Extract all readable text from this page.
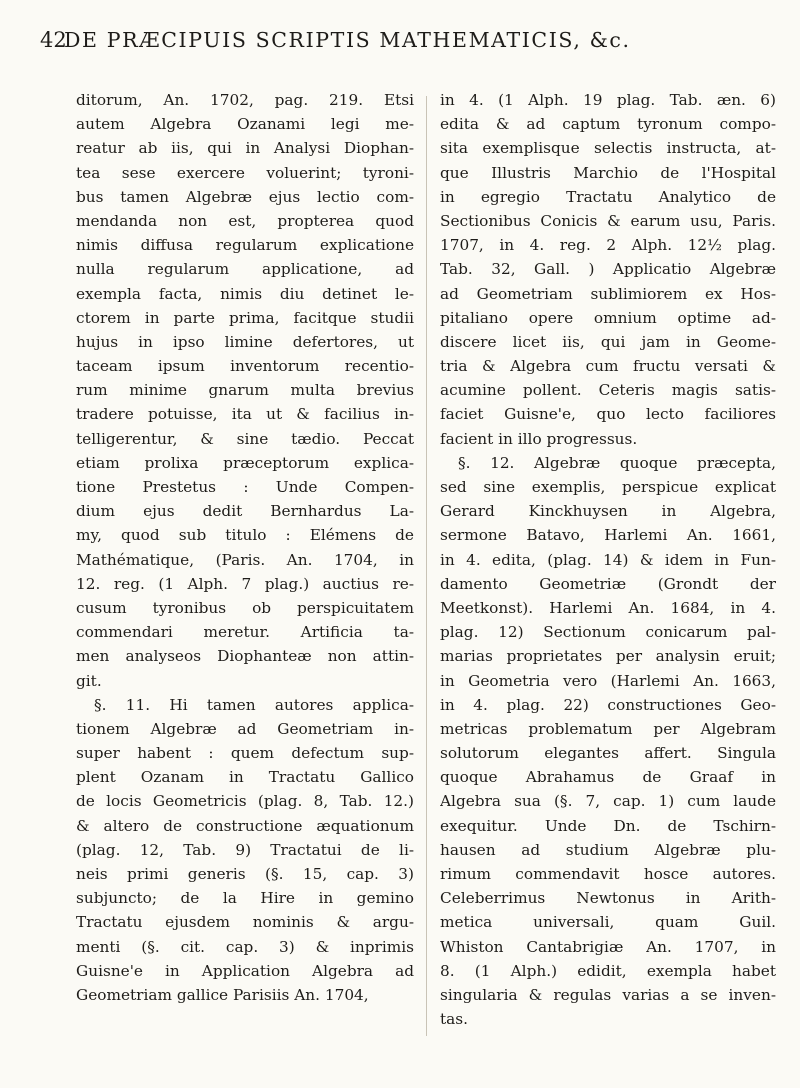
42
DE PRÆCIPUIS SCRIPTIS MATHEMATICIS, &c.
ditorum, An. 1702, pag. 219. Etsi
autem Algebra Ozanami legi me-
reatur ab iis, qui in Analysi Diophan-
tea sese exercere voluerint; tyroni-
bus tamen Algebræ ejus lectio com-
mendanda non est, propterea quod
nimis diffusa regularum explicatione
nulla regularum applicatione, ad
exempla facta, nimis diu detinet le-
ctorem in parte prima, facitque studii
hujus in ipso limine defertores, ut
taceam ipsum inventorum recentio-
rum minime gnarum multa brevius
tradere potuisse, ita ut & facilius in-
telligerentur, & sine tædio. Peccat
etiam prolixa præceptorum explica-
tione Prestetus : Unde Compen-
dium ejus dedit Bernhardus La-
my, quod sub titulo : Elémens de
Mathématique, (Paris. An. 1704, in
12. reg. (1 Alph. 7 plag.) auctius re-
cusum tyronibus ob perspicuitatem
commendari meretur. Artificia ta-
men analyseos Diophanteæ non attin-
git.
§. 11. Hi tamen autores applica-
tionem Algebræ ad Geometriam in-
super habent : quem defectum sup-
plent Ozanam in Tractatu Gallico
de locis Geometricis (plag. 8, Tab. 12.)
& altero de constructione æquationum
(plag. 12, Tab. 9) Tractatui de li-
neis primi generis (§. 15, cap. 3)
subjuncto; de la Hire in gemino
Tractatu ejusdem nominis & argu-
menti (§. cit. cap. 3) & inprimis
Guisne'e in Application Algebra ad
Geometriam gallice Parisiis An. 1704,
in 4. (1 Alph. 19 plag. Tab. æn. 6)
edita & ad captum tyronum compo-
sita exemplisque selectis instructa, at-
que Illustris Marchio de l'Hospital
in egregio Tractatu Analytico de
Sectionibus Conicis & earum usu, Paris.
1707, in 4. reg. 2 Alph. 12½ plag.
Tab. 32, Gall. ) Applicatio Algebræ
ad Geometriam sublimiorem ex Hos-
pitaliano opere omnium optime ad-
discere licet iis, qui jam in Geome-
tria & Algebra cum fructu versati &
acumine pollent. Ceteris magis satis-
faciet Guisne'e, quo lecto faciliores
facient in illo progressus.
§. 12. Algebræ quoque præcepta,
sed sine exemplis, perspicue explicat
Gerard Kinckhuysen in Algebra,
sermone Batavo, Harlemi An. 1661,
in 4. edita, (plag. 14) & idem in Fun-
damento Geometriæ (Grondt der
Meetkonst). Harlemi An. 1684, in 4.
plag. 12) Sectionum conicarum pal-
marias proprietates per analysin eruit;
in Geometria vero (Harlemi An. 1663,
in 4. plag. 22) constructiones Geo-
metricas problematum per Algebram
solutorum elegantes affert. Singula
quoque Abrahamus de Graaf in
Algebra sua (§. 7, cap. 1) cum laude
exequitur. Unde Dn. de Tschirn-
hausen ad studium Algebræ plu-
rimum commendavit hosce autores.
Celeberrimus Newtonus in Arith-
metica universali, quam Guil.
Whiston Cantabrigiæ An. 1707, in
8. (1 Alph.) edidit, exempla habet
singularia & regulas varias a se inven-
tas.
